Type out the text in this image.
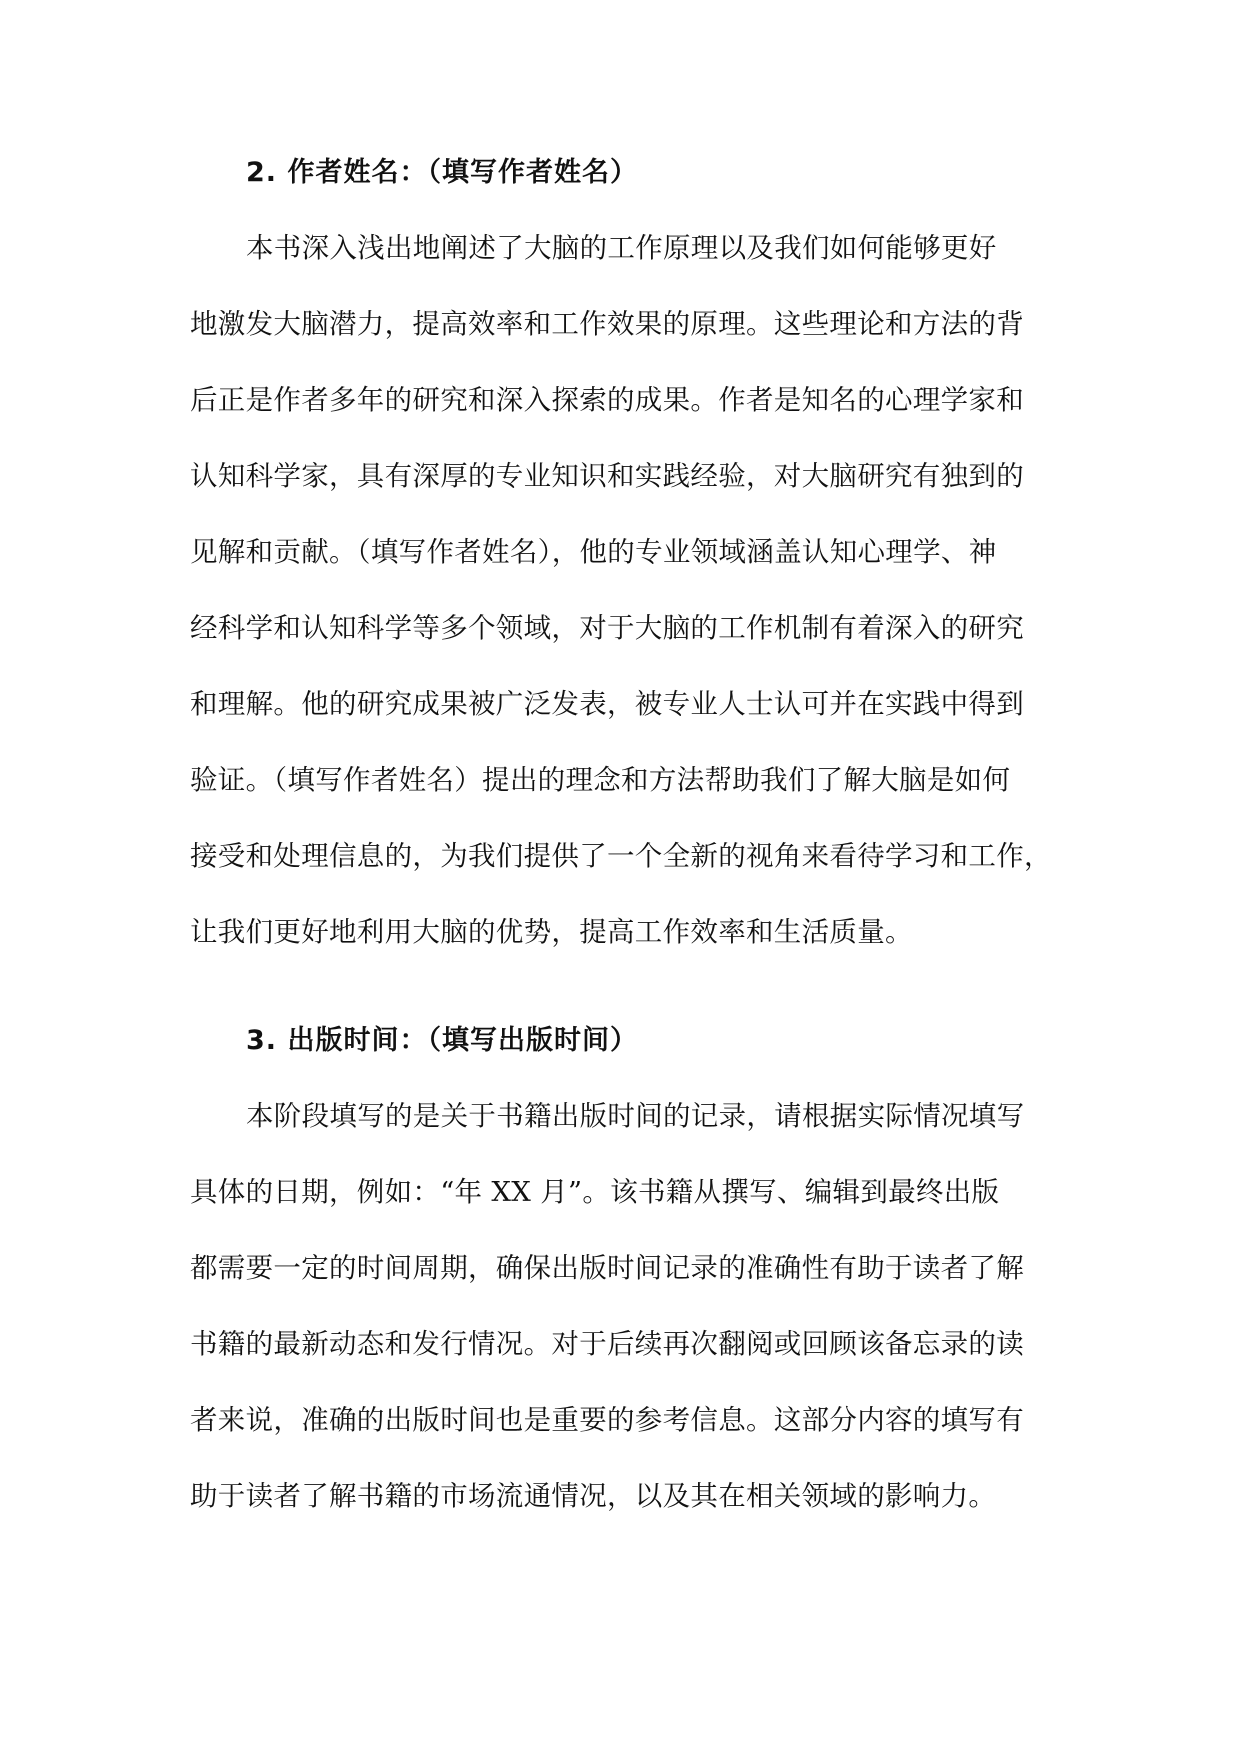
2. 作者姓名：（填写作者姓名）
本书深入浅出地阐述了大脑的工作原理以及我们如何能够更好
地激发大脑潜力，提高效率和工作效果的原理。这些理论和方法的背
后正是作者多年的研究和深入探索的成果。作者是知名的心理学家和
认知科学家，具有深厚的专业知识和实践经验，对大脑研究有独到的
见解和贡献。（填写作者姓名），他的专业领域涵盖认知心理学、神
经科学和认知科学等多个领域，对于大脑的工作机制有着深入的研究
和理解。他的研究成果被广泛发表，被专业人士认可并在实践中得到
验证。（填写作者姓名）提出的理念和方法帮助我们了解大脑是如何
接受和处理信息的，为我们提供了一个全新的视角来看待学习和工作，
让我们更好地利用大脑的优势，提高工作效率和生活质量。
3. 出版时间：（填写出版时间）
本阶段填写的是关于书籍出版时间的记录，请根据实际情况填写
具体的日期，例如：“年 XX 月”。该书籍从撰写、编辑到最终出版
都需要一定的时间周期，确保出版时间记录的准确性有助于读者了解
书籍的最新动态和发行情况。对于后续再次翻阅或回顾该备忘录的读
者来说，准确的出版时间也是重要的参考信息。这部分内容的填写有
助于读者了解书籍的市场流通情况，以及其在相关领域的影响力。
